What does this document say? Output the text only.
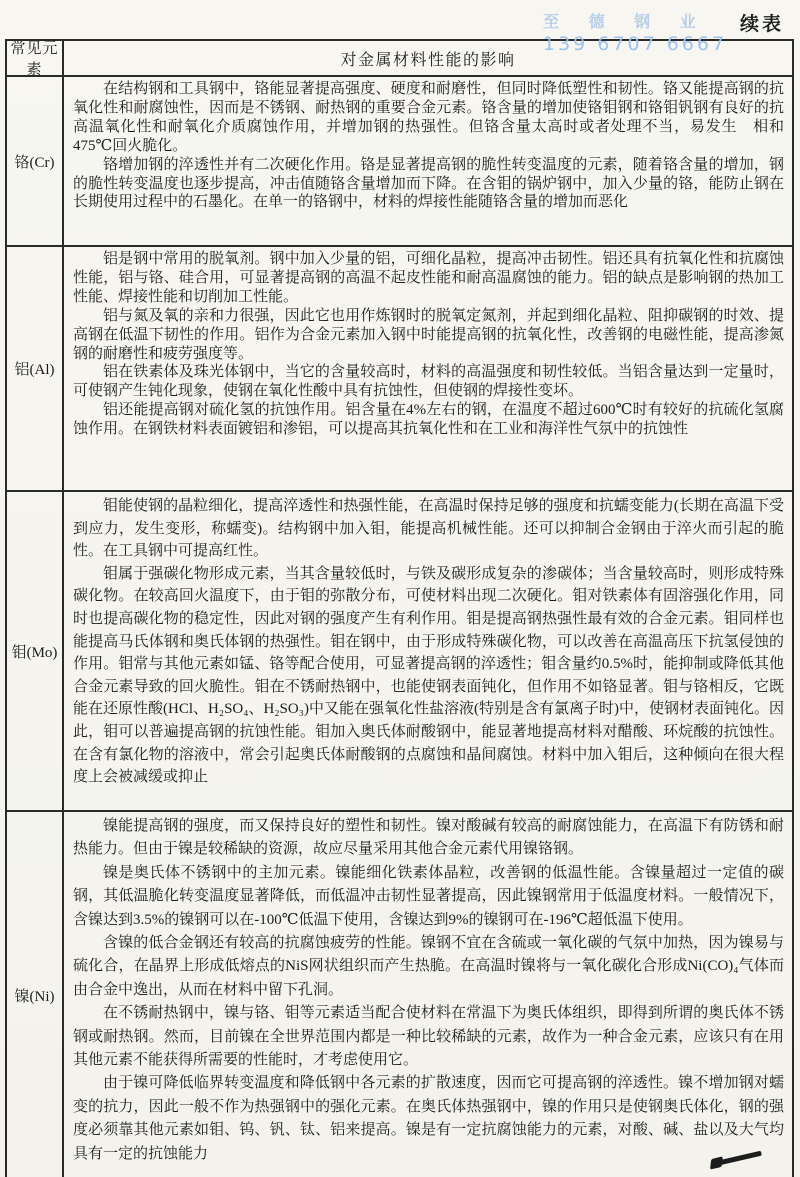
续表
至 德 钢 业
139 6707 6667
常见元素
对金属材料性能的影响
铬(Cr)

在结构钢和工具钢中，铬能显著提高强度、硬度和耐磨性，但同时降低塑性和韧性。铬又能提高钢的抗氧化性和耐腐蚀性，因而是不锈钢、耐热钢的重要合金元素。铬含量的增加使铬钼钢和铬钼钒钢有良好的抗高温氧化性和耐氧化介质腐蚀作用，并增加钢的热强性。但铬含量太高时或者处理不当，易发生　相和475℃回火脆化。

铬增加钢的淬透性并有二次硬化作用。铬是显著提高钢的脆性转变温度的元素，随着铬含量的增加，钢的脆性转变温度也逐步提高，冲击值随铬含量增加而下降。在含钼的锅炉钢中，加入少量的铬，能防止钢在长期使用过程中的石墨化。在单一的铬钢中，材料的焊接性能随铬含量的增加而恶化

铝(Al)

铝是钢中常用的脱氧剂。钢中加入少量的铝，可细化晶粒，提高冲击韧性。铝还具有抗氧化性和抗腐蚀性能，铝与铬、硅合用，可显著提高钢的高温不起皮性能和耐高温腐蚀的能力。铝的缺点是影响钢的热加工性能、焊接性能和切削加工性能。

铝与氮及氧的亲和力很强，因此它也用作炼钢时的脱氧定氮剂，并起到细化晶粒、阻抑碳钢的时效、提高钢在低温下韧性的作用。铝作为合金元素加入钢中时能提高钢的抗氧化性，改善钢的电磁性能，提高渗氮钢的耐磨性和疲劳强度等。

铝在铁素体及珠光体钢中，当它的含量较高时，材料的高温强度和韧性较低。当铝含量达到一定量时，可使钢产生钝化现象，使钢在氧化性酸中具有抗蚀性，但使钢的焊接性变坏。

铝还能提高钢对硫化氢的抗蚀作用。铝含量在4%左右的钢，在温度不超过600℃时有较好的抗硫化氢腐蚀作用。在钢铁材料表面镀铝和渗铝，可以提高其抗氧化性和在工业和海洋性气氛中的抗蚀性

钼(Mo)

钼能使钢的晶粒细化，提高淬透性和热强性能，在高温时保持足够的强度和抗蠕变能力(长期在高温下受到应力，发生变形，称蠕变)。结构钢中加入钼，能提高机械性能。还可以抑制合金钢由于淬火而引起的脆性。在工具钢中可提高红性。

钼属于强碳化物形成元素，当其含量较低时，与铁及碳形成复杂的渗碳体；当含量较高时，则形成特殊碳化物。在较高回火温度下，由于钼的弥散分布，可使材料出现二次硬化。钼对铁素体有固溶强化作用，同时也提高碳化物的稳定性，因此对钢的强度产生有利作用。钼是提高钢热强性最有效的合金元素。钼同样也能提高马氏体钢和奥氏体钢的热强性。钼在钢中，由于形成特殊碳化物，可以改善在高温高压下抗氢侵蚀的作用。钼常与其他元素如锰、铬等配合使用，可显著提高钢的淬透性；钼含量约0.5%时，能抑制或降低其他合金元素导致的回火脆性。钼在不锈耐热钢中，也能使钢表面钝化，但作用不如铬显著。钼与铬相反，它既能在还原性酸(HCl、H₂SO₄、H₂SO₃)中又能在强氧化性盐溶液(特别是含有氯离子时)中，使钢材表面钝化。因此，钼可以普遍提高钢的抗蚀性能。钼加入奥氏体耐酸钢中，能显著地提高材料对醋酸、环烷酸的抗蚀性。在含有氯化物的溶液中，常会引起奥氏体耐酸钢的点腐蚀和晶间腐蚀。材料中加入钼后，这种倾向在很大程度上会被减缓或抑止

镍(Ni)

镍能提高钢的强度，而又保持良好的塑性和韧性。镍对酸碱有较高的耐腐蚀能力，在高温下有防锈和耐热能力。但由于镍是较稀缺的资源，故应尽量采用其他合金元素代用镍铬钢。

镍是奥氏体不锈钢中的主加元素。镍能细化铁素体晶粒，改善钢的低温性能。含镍量超过一定值的碳钢，其低温脆化转变温度显著降低，而低温冲击韧性显著提高，因此镍钢常用于低温度材料。一般情况下，含镍达到3.5%的镍钢可以在-100℃低温下使用，含镍达到9%的镍钢可在-196℃超低温下使用。

含镍的低合金钢还有较高的抗腐蚀疲劳的性能。镍钢不宜在含硫或一氧化碳的气氛中加热，因为镍易与硫化合，在晶界上形成低熔点的NiS网状组织而产生热脆。在高温时镍将与一氧化碳化合形成Ni(CO)₄气体而由合金中逸出，从而在材料中留下孔洞。

在不锈耐热钢中，镍与铬、钼等元素适当配合使材料在常温下为奥氏体组织，即得到所谓的奥氏体不锈钢或耐热钢。然而，目前镍在全世界范围内都是一种比较稀缺的元素，故作为一种合金元素，应该只有在用其他元素不能获得所需要的性能时，才考虑使用它。

由于镍可降低临界转变温度和降低钢中各元素的扩散速度，因而它可提高钢的淬透性。镍不增加钢对蠕变的抗力，因此一般不作为热强钢中的强化元素。在奥氏体热强钢中，镍的作用只是使钢奥氏体化，钢的强度必须靠其他元素如钼、钨、钒、钛、铝来提高。镍是有一定抗腐蚀能力的元素，对酸、碱、盐以及大气均具有一定的抗蚀能力
